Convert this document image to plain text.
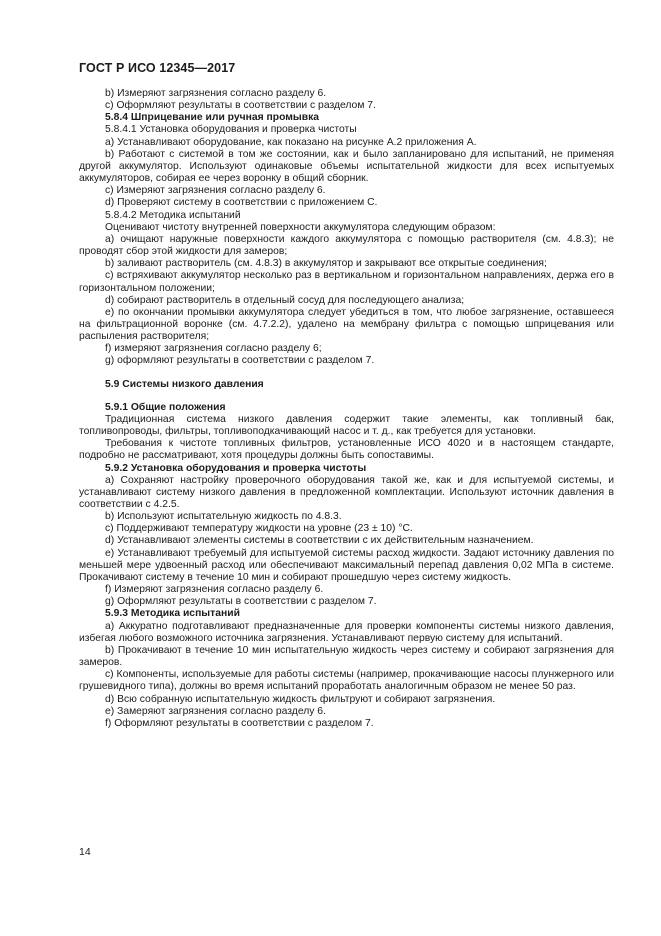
ГОСТ Р ИСО 12345—2017

b) Измеряют загрязнения согласно разделу 6.

c) Оформляют результаты в соответствии с разделом 7.

5.8.4 Шприцевание или ручная промывка

5.8.4.1 Установка оборудования и проверка чистоты

a) Устанавливают оборудование, как показано на рисунке А.2 приложения А.

b) Работают с системой в том же состоянии, как и было запланировано для испытаний, не применяя другой аккумулятор. Используют одинаковые объемы испытательной жидкости для всех испытуемых аккумуляторов, собирая ее через воронку в общий сборник.

c) Измеряют загрязнения согласно разделу 6.

d) Проверяют систему в соответствии с приложением С.

5.8.4.2 Методика испытаний

Оценивают чистоту внутренней поверхности аккумулятора следующим образом:

а) очищают наружные поверхности каждого аккумулятора с помощью растворителя (см. 4.8.3); не проводят сбор этой жидкости для замеров;

b) заливают растворитель (см. 4.8.3) в аккумулятор и закрывают все открытые соединения;

c) встряхивают аккумулятор несколько раз в вертикальном и горизонтальном направлениях, держа его в горизонтальном положении;

d) собирают растворитель в отдельный сосуд для последующего анализа;

e) по окончании промывки аккумулятора следует убедиться в том, что любое загрязнение, оставшееся на фильтрационной воронке (см. 4.7.2.2), удалено на мембрану фильтра с помощью шприцевания или распыления растворителя;

f) измеряют загрязнения согласно разделу 6;

g) оформляют результаты в соответствии с разделом 7.

5.9 Системы низкого давления

5.9.1 Общие положения

Традиционная система низкого давления содержит такие элементы, как топливный бак, топливопроводы, фильтры, топливоподкачивающий насос и т. д., как требуется для установки.

Требования к чистоте топливных фильтров, установленные ИСО 4020 и в настоящем стандарте, подробно не рассматривают, хотя процедуры должны быть сопоставимы.

5.9.2 Установка оборудования и проверка чистоты

a) Сохраняют настройку проверочного оборудования такой же, как и для испытуемой системы, и устанавливают систему низкого давления в предложенной комплектации. Используют источник давления в соответствии с 4.2.5.

b) Используют испытательную жидкость по 4.8.3.

c) Поддерживают температуру жидкости на уровне (23 ± 10) °С.

d) Устанавливают элементы системы в соответствии с их действительным назначением.

e) Устанавливают требуемый для испытуемой системы расход жидкости. Задают источнику давления по меньшей мере удвоенный расход или обеспечивают максимальный перепад давления 0,02 МПа в системе. Прокачивают систему в течение 10 мин и собирают прошедшую через систему жидкость.

f) Измеряют загрязнения согласно разделу 6.

g) Оформляют результаты в соответствии с разделом 7.

5.9.3 Методика испытаний

а) Аккуратно подготавливают предназначенные для проверки компоненты системы низкого давления, избегая любого возможного источника загрязнения. Устанавливают первую систему для испытаний.

b) Прокачивают в течение 10 мин испытательную жидкость через систему и собирают загрязнения для замеров.

c) Компоненты, используемые для работы системы (например, прокачивающие насосы плунжерного или грушевидного типа), должны во время испытаний проработать аналогичным образом не менее 50 раз.

d) Всю собранную испытательную жидкость фильтруют и собирают загрязнения.

e) Замеряют загрязнения согласно разделу 6.

f) Оформляют результаты в соответствии с разделом 7.

14
